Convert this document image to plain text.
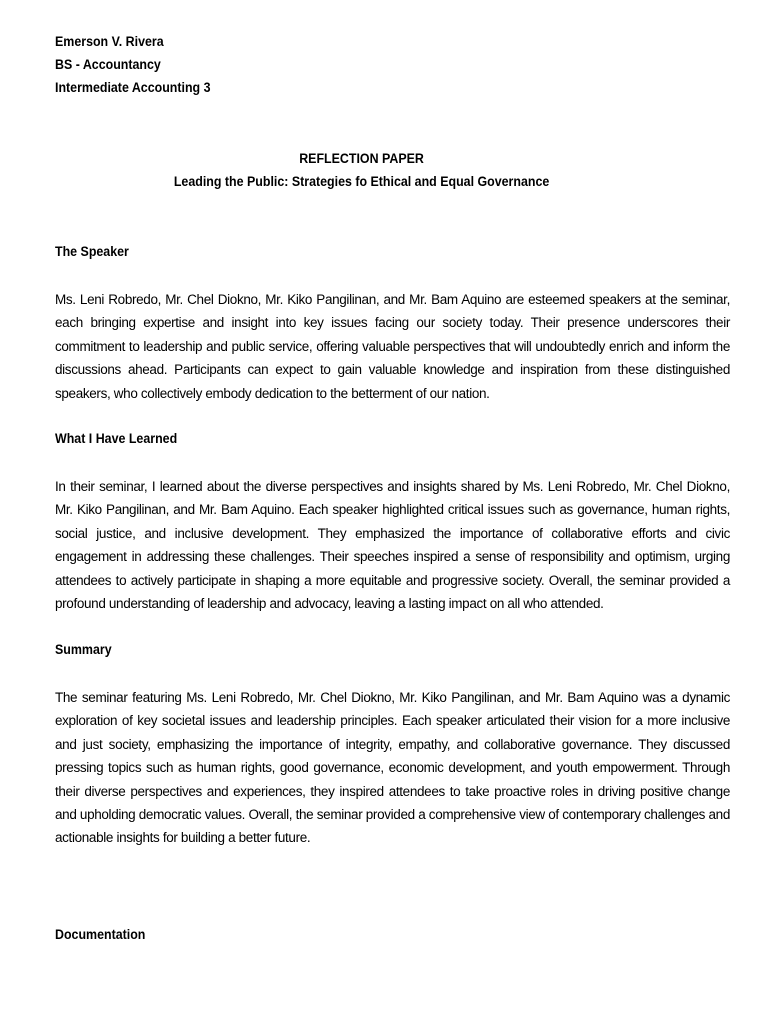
Emerson V. Rivera
BS - Accountancy
Intermediate Accounting 3
REFLECTION PAPER
Leading the Public: Strategies fo Ethical and Equal Governance
The Speaker
Ms. Leni Robredo, Mr. Chel Diokno, Mr. Kiko Pangilinan, and Mr. Bam Aquino are esteemed speakers at the seminar,
each bringing expertise and insight into key issues facing our society today. Their presence underscores their
commitment to leadership and public service, offering valuable perspectives that will undoubtedly enrich and inform the
discussions ahead. Participants can expect to gain valuable knowledge and inspiration from these distinguished
speakers, who collectively embody dedication to the betterment of our nation.
What I Have Learned
In their seminar, I learned about the diverse perspectives and insights shared by Ms. Leni Robredo, Mr. Chel Diokno,
Mr. Kiko Pangilinan, and Mr. Bam Aquino. Each speaker highlighted critical issues such as governance, human rights,
social justice, and inclusive development. They emphasized the importance of collaborative efforts and civic
engagement in addressing these challenges. Their speeches inspired a sense of responsibility and optimism, urging
attendees to actively participate in shaping a more equitable and progressive society. Overall, the seminar provided a
profound understanding of leadership and advocacy, leaving a lasting impact on all who attended.
Summary
The seminar featuring Ms. Leni Robredo, Mr. Chel Diokno, Mr. Kiko Pangilinan, and Mr. Bam Aquino was a dynamic
exploration of key societal issues and leadership principles. Each speaker articulated their vision for a more inclusive
and just society, emphasizing the importance of integrity, empathy, and collaborative governance. They discussed
pressing topics such as human rights, good governance, economic development, and youth empowerment. Through
their diverse perspectives and experiences, they inspired attendees to take proactive roles in driving positive change
and upholding democratic values. Overall, the seminar provided a comprehensive view of contemporary challenges and
actionable insights for building a better future.
Documentation
